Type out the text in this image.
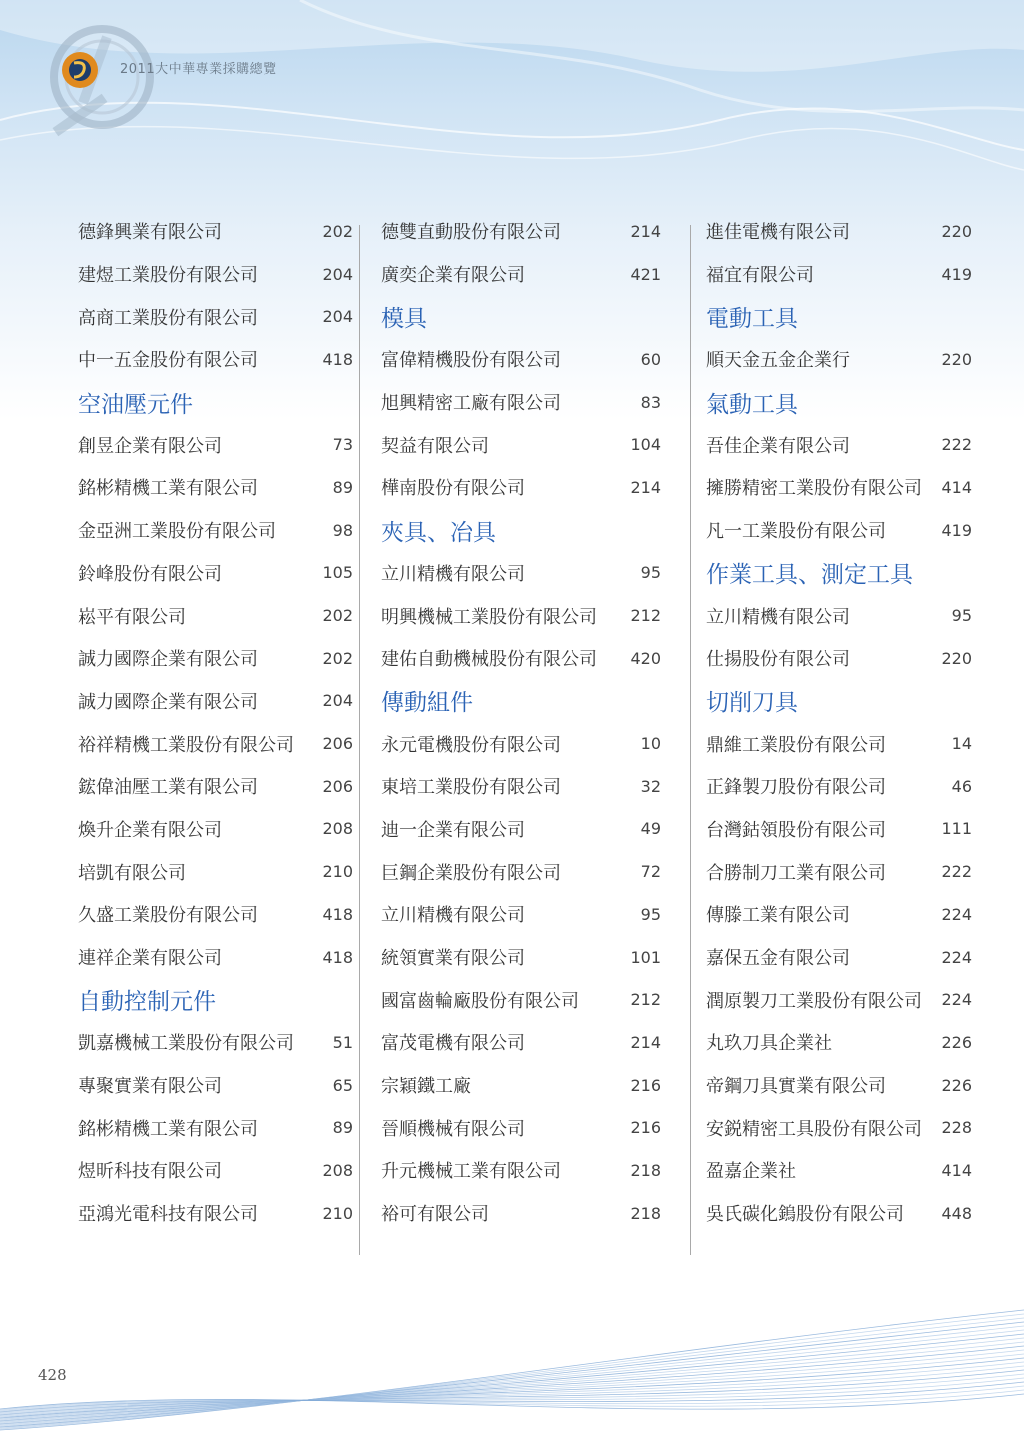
2011大中華專業採購總覽
德鋒興業有限公司	202
建煜工業股份有限公司	204
高商工業股份有限公司	204
中一五金股份有限公司	418
空油壓元件
創昱企業有限公司	73
銘彬精機工業有限公司	89
金亞洲工業股份有限公司	98
鈴峰股份有限公司	105
崧平有限公司	202
誠力國際企業有限公司	202
誠力國際企業有限公司	204
裕祥精機工業股份有限公司 206
鋐偉油壓工業有限公司	206
煥升企業有限公司	208
培凱有限公司	210
久盛工業股份有限公司	418
連祥企業有限公司	418
自動控制元件
凱嘉機械工業股份有限公司 51
專聚實業有限公司	65
銘彬精機工業有限公司	89
煜昕科技有限公司	208
亞鴻光電科技有限公司	210
德雙直動股份有限公司	214
廣奕企業有限公司	421
模具
富偉精機股份有限公司	60
旭興精密工廠有限公司	83
契益有限公司	104
樺南股份有限公司	214
夾具、冶具
立川精機有限公司	95
明興機械工業股份有限公司 212
建佑自動機械股份有限公司 420
傳動組件
永元電機股份有限公司	10
東培工業股份有限公司	32
迪一企業有限公司	49
巨鋼企業股份有限公司	72
立川精機有限公司	95
統領實業有限公司	101
國富齒輪廠股份有限公司	212
富茂電機有限公司	214
宗穎鐵工廠	216
晉順機械有限公司	216
升元機械工業有限公司	218
裕可有限公司	218
進佳電機有限公司	220
福宜有限公司	419
電動工具
順天金五金企業行	220
氣動工具
吾佳企業有限公司	222
擁勝精密工業股份有限公司 414
凡一工業股份有限公司	419
作業工具、測定工具
立川精機有限公司	95
仕揚股份有限公司	220
切削刀具
鼎維工業股份有限公司	14
正鋒製刀股份有限公司	46
台灣鈷領股份有限公司	111
合勝制刀工業有限公司	222
傳滕工業有限公司	224
嘉保五金有限公司	224
潤原製刀工業股份有限公司 224
丸玖刀具企業社	226
帝鋼刀具實業有限公司	226
安鋭精密工具股份有限公司 228
盈嘉企業社	414
吳氏碳化鎢股份有限公司 448
428
